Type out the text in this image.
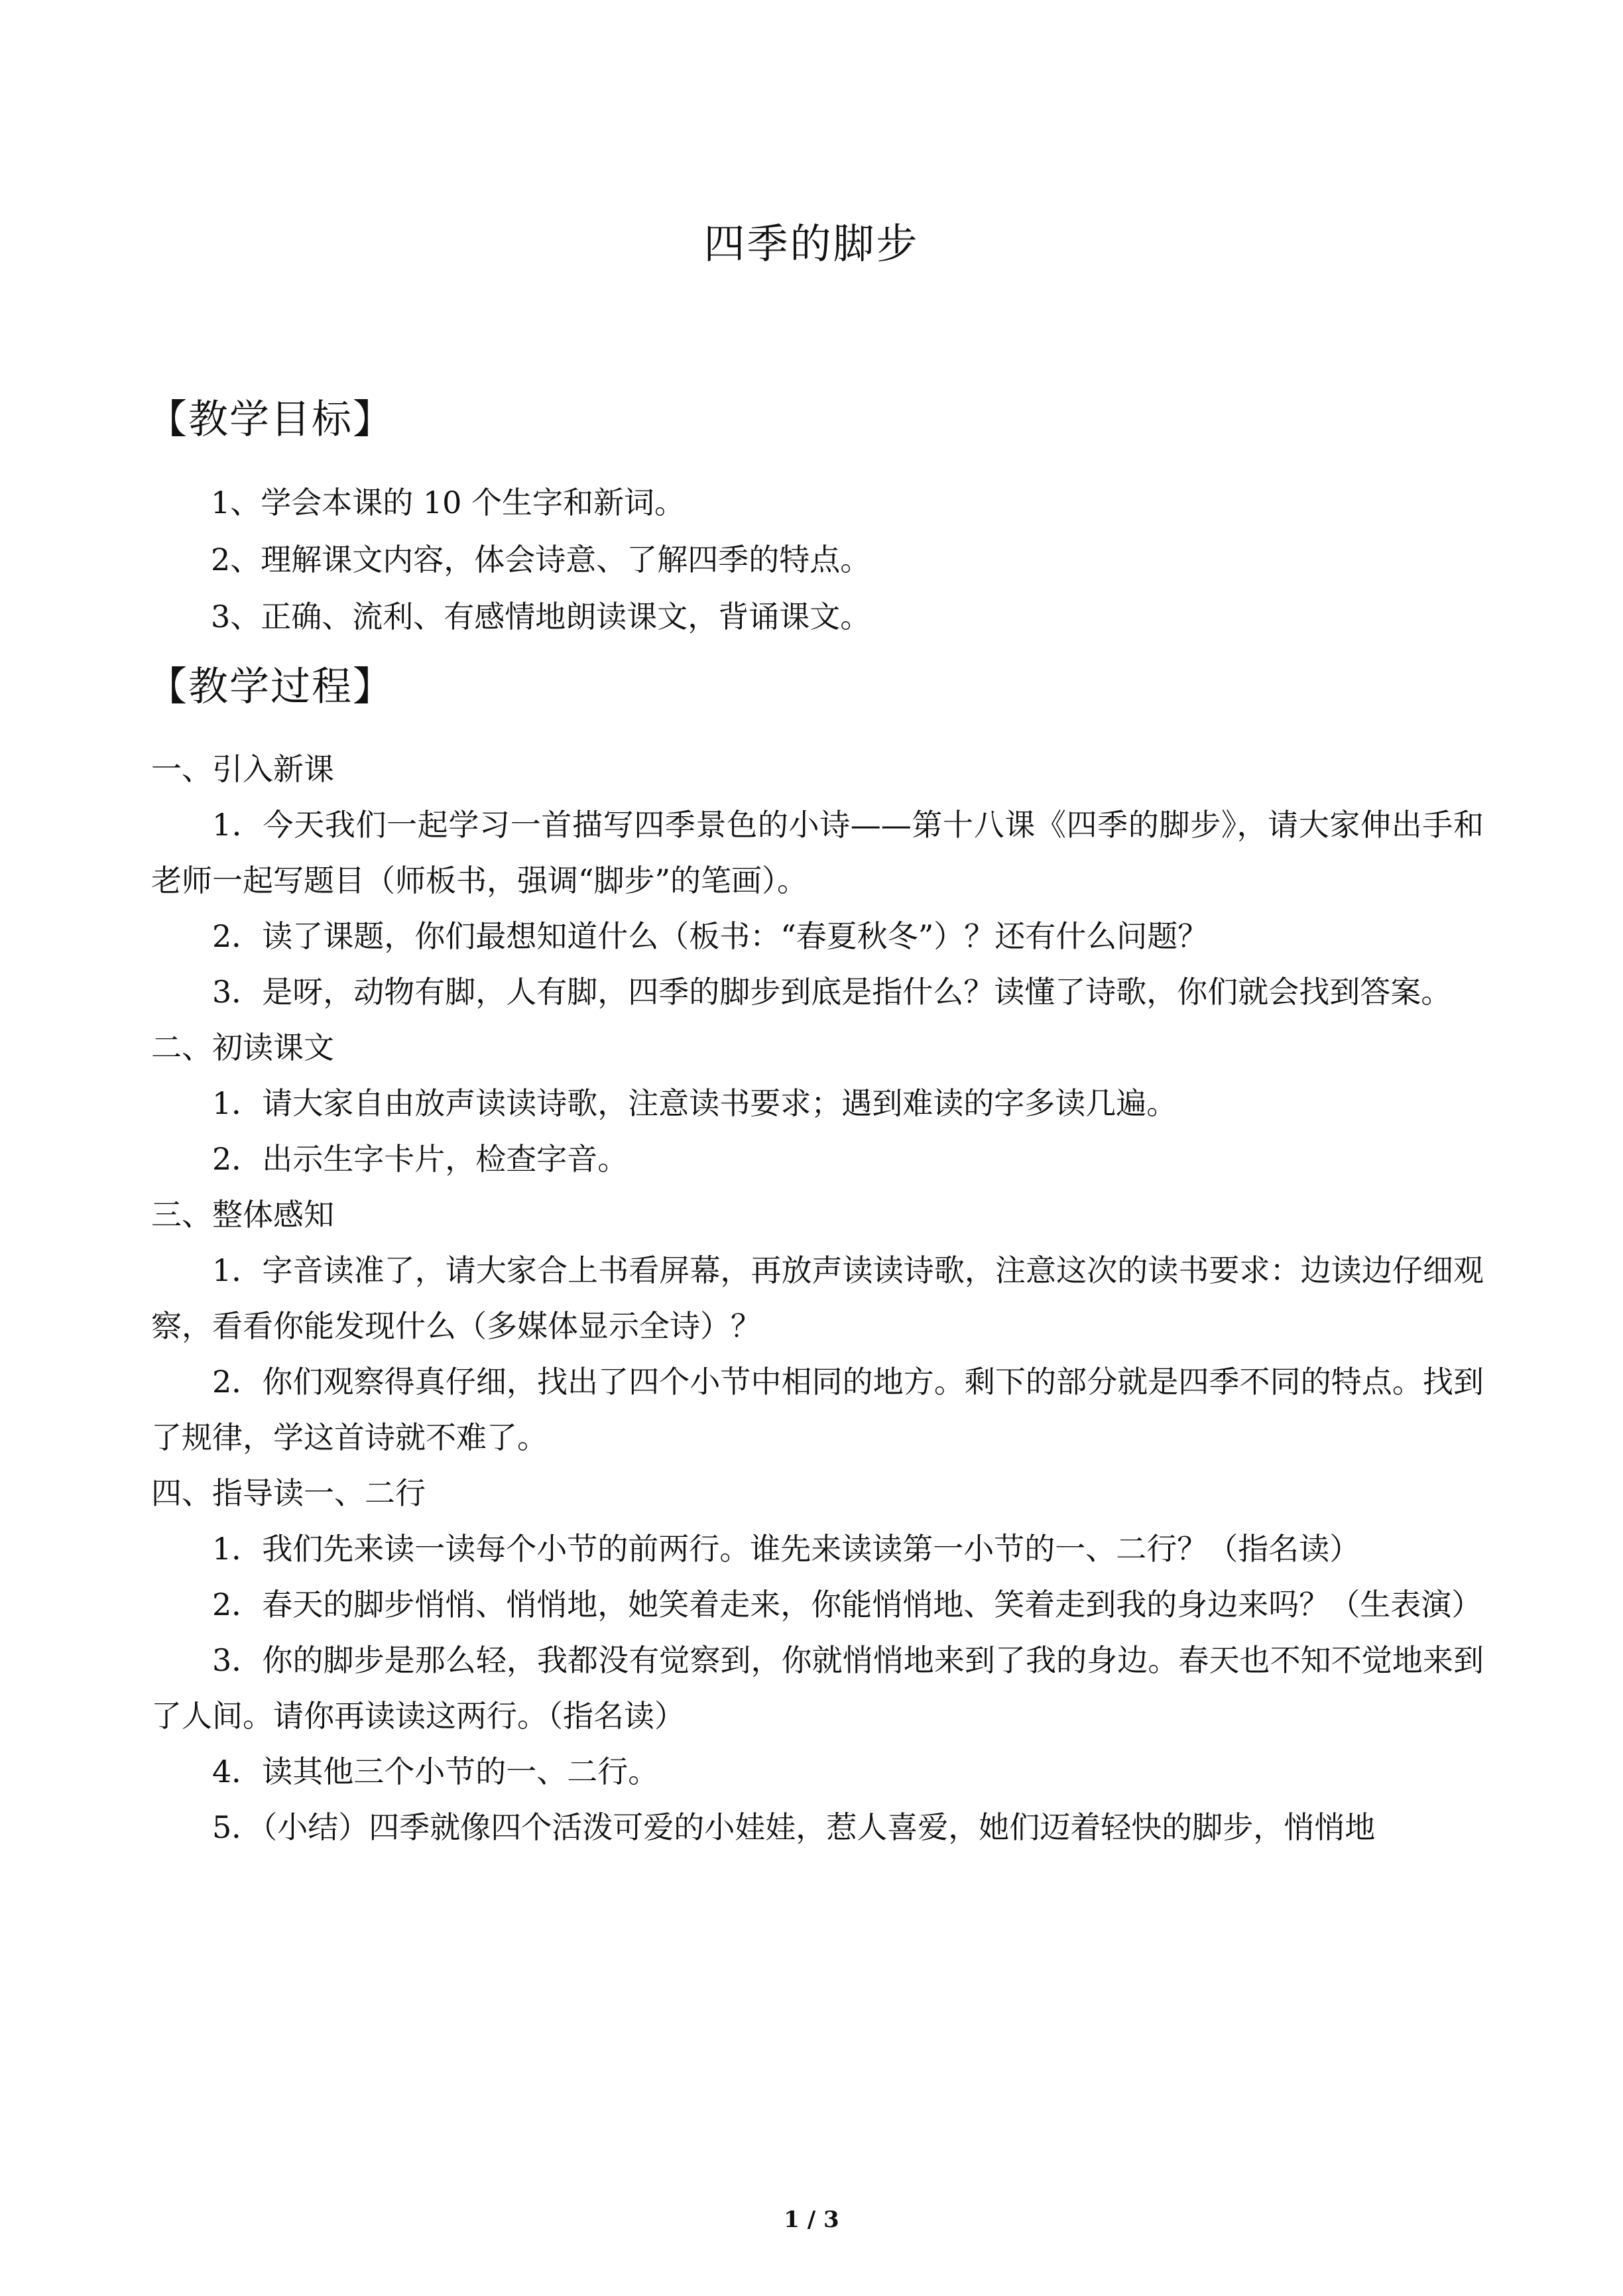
四季的脚步
【教学目标】
1、学会本课的 10 个生字和新词。
2、理解课文内容，体会诗意、了解四季的特点。
3、正确、流利、有感情地朗读课文，背诵课文。
【教学过程】
一、引入新课
1．今天我们一起学习一首描写四季景色的小诗——第十八课《四季的脚步》，请大家伸出手和老师一起写题目（师板书，强调“脚步”的笔画）。
2．读了课题，你们最想知道什么（板书：“春夏秋冬”）？还有什么问题？
3．是呀，动物有脚，人有脚，四季的脚步到底是指什么？读懂了诗歌，你们就会找到答案。
二、初读课文
1．请大家自由放声读读诗歌，注意读书要求；遇到难读的字多读几遍。
2．出示生字卡片，检查字音。
三、整体感知
1．字音读准了，请大家合上书看屏幕，再放声读读诗歌，注意这次的读书要求：边读边仔细观察，看看你能发现什么（多媒体显示全诗）？
2．你们观察得真仔细，找出了四个小节中相同的地方。剩下的部分就是四季不同的特点。找到了规律，学这首诗就不难了。
四、指导读一、二行
1．我们先来读一读每个小节的前两行。谁先来读读第一小节的一、二行？（指名读）
2．春天的脚步悄悄、悄悄地，她笑着走来，你能悄悄地、笑着走到我的身边来吗？（生表演）
3．你的脚步是那么轻，我都没有觉察到，你就悄悄地来到了我的身边。春天也不知不觉地来到了人间。请你再读读这两行。（指名读）
4．读其他三个小节的一、二行。
5．（小结）四季就像四个活泼可爱的小娃娃，惹人喜爱，她们迈着轻快的脚步，悄悄地
1 / 3
